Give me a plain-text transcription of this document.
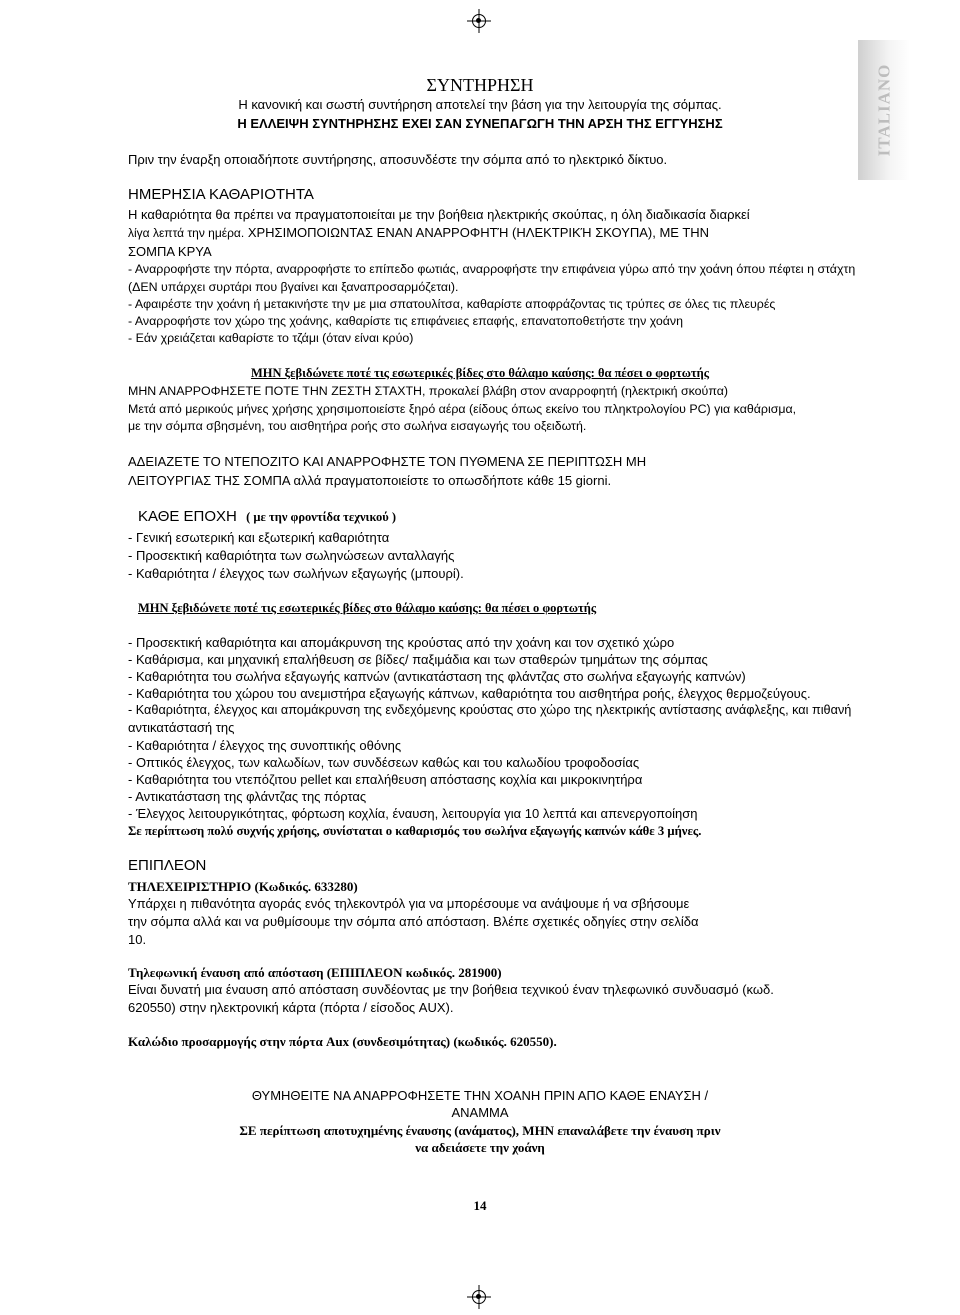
ITALIANO
ΣΥΝΤΗΡΗΣΗ
Η κανονική και σωστή συντήρηση αποτελεί την βάση για την λειτουργία της σόμπας.
Η ΕΛΛΕΙΨΗ ΣΥΝΤΗΡΗΣΗΣ ΕΧΕΙ ΣΑΝ ΣΥΝΕΠΑΓΩΓΗ ΤΗΝ ΑΡΣΗ ΤΗΣ ΕΓΓΥΗΣΗΣ
Πριν την έναρξη οποιαδήποτε συντήρησης, αποσυνδέστε την σόμπα από το ηλεκτρικό δίκτυο.
ΗΜΕΡΗΣΙΑ ΚΑΘΑΡΙΟΤΗΤΑ
Η καθαριότητα θα πρέπει να πραγματοποιείται με την βοήθεια ηλεκτρικής σκούπας, η όλη διαδικασία διαρκεί
λίγα λεπτά την ημέρα. ΧΡΗΣΙΜΟΠΟΙΩΝΤΑΣ ΕΝΑΝ ΑΝΑΡΡΟΦΗΤΉ (ΗΛΕΚΤΡΙΚΉ ΣΚΟΥΠΑ), ΜΕ ΤΗΝ
ΣΟΜΠΑ ΚΡΥΑ
- Αναρροφήστε την πόρτα, αναρροφήστε το επίπεδο φωτιάς, αναρροφήστε την επιφάνεια γύρω από την χοάνη όπου πέφτει η στάχτη
(ΔΕΝ υπάρχει συρτάρι που βγαίνει και ξαναπροσαρμόζεται).
- Αφαιρέστε την χοάνη ή μετακινήστε την με μια σπατουλίτσα, καθαρίστε αποφράζοντας τις τρύπες σε όλες τις πλευρές
- Αναρροφήστε τον χώρο της χοάνης, καθαρίστε τις επιφάνειες επαφής, επανατοποθετήστε την χοάνη
- Εάν χρειάζεται καθαρίστε το τζάμι (όταν είναι κρύο)
ΜΗΝ ξεβιδώνετε ποτέ τις εσωτερικές βίδες στο θάλαμο καύσης: θα πέσει ο φορτωτής
ΜΗΝ ΑΝΑΡΡΟΦΗΣΕΤΕ ΠΟΤΕ ΤΗΝ ΖΕΣΤΗ ΣΤΑΧΤΗ, προκαλεί βλάβη στον αναρροφητή (ηλεκτρική σκούπα)
Μετά από μερικούς μήνες χρήσης χρησιμοποιείστε ξηρό αέρα (είδους όπως εκείνο του πληκτρολογίου PC) για καθάρισμα,
με την σόμπα σβησμένη, του αισθητήρα ροής στο σωλήνα εισαγωγής του οξειδωτή.
ΑΔΕΙΑΖΕΤΕ ΤΟ ΝΤΕΠΟΖΙΤΟ ΚΑΙ ΑΝΑΡΡΟΦΗΣΤΕ ΤΟΝ ΠΥΘΜΕΝΑ ΣΕ ΠΕΡΙΠΤΩΣΗ ΜΗ
ΛΕΙΤΟΥΡΓΙΑΣ ΤΗΣ ΣΟΜΠΑ αλλά πραγματοποιείστε το οπωσδήποτε κάθε 15 giorni.
ΚΑΘΕ ΕΠΟΧΗ ( με την φροντίδα τεχνικού )
- Γενική εσωτερική και εξωτερική καθαριότητα
- Προσεκτική καθαριότητα των σωληνώσεων ανταλλαγής
- Καθαριότητα / έλεγχος των σωλήνων εξαγωγής (μπουρί).
ΜΗΝ ξεβιδώνετε ποτέ τις εσωτερικές βίδες στο θάλαμο καύσης: θα πέσει ο φορτωτής
- Προσεκτική καθαριότητα και απομάκρυνση της κρούστας από την χοάνη και τον σχετικό χώρο
- Καθάρισμα, και μηχανική επαλήθευση σε βίδες/ παξιμάδια και των σταθερών τμημάτων της σόμπας
- Καθαριότητα του σωλήνα εξαγωγής καπνών (αντικατάσταση της φλάντζας στο σωλήνα εξαγωγής καπνών)
- Καθαριότητα του χώρου του ανεμιστήρα εξαγωγής κάπνων, καθαριότητα του αισθητήρα ροής, έλεγχος θερμοζεύγους.
- Καθαριότητα, έλεγχος και απομάκρυνση της ενδεχόμενης κρούστας στο χώρο της ηλεκτρικής αντίστασης ανάφλεξης, και πιθανή
αντικατάστασή της
- Καθαριότητα / έλεγχος της συνοπτικής οθόνης
- Οπτικός έλεγχος, των καλωδίων, των συνδέσεων καθώς και του καλωδίου τροφοδοσίας
- Καθαριότητα του ντεπόζιτου pellet και επαλήθευση απόστασης κοχλία και μικροκινητήρα
- Αντικατάσταση της φλάντζας της πόρτας
- Έλεγχος λειτουργικότητας, φόρτωση κοχλία, έναυση, λειτουργία για 10 λεπτά και απενεργοποίηση
Σε περίπτωση πολύ συχνής χρήσης, συνίσταται ο καθαρισμός του σωλήνα εξαγωγής καπνών κάθε 3 μήνες.
ΕΠΙΠΛΕΟΝ
ΤΗΛΕΧΕΙΡΙΣΤΗΡΙΟ (Κωδικός. 633280)
Υπάρχει η πιθανότητα αγοράς ενός τηλεκοντρόλ για να μπορέσουμε να ανάψουμε ή να σβήσουμε
την σόμπα αλλά και να ρυθμίσουμε την σόμπα από απόσταση. Βλέπε σχετικές οδηγίες στην σελίδα
10.
Τηλεφωνική έναυση από απόσταση (ΕΠΙΠΛΕΟΝ κωδικός. 281900)
Είναι δυνατή μια έναυση από απόσταση συνδέοντας με την βοήθεια τεχνικού έναν τηλεφωνικό συνδυασμό (κωδ.
620550) στην ηλεκτρονική κάρτα (πόρτα / είσοδος AUX).
Καλώδιο προσαρμογής στην πόρτα Aux (συνδεσιμότητας) (κωδικός. 620550).
ΘΥΜΗΘΕΙΤΕ ΝΑ ΑΝΑΡΡΟΦΗΣΕΤΕ ΤΗΝ ΧΟΑΝΗ ΠΡΙΝ ΑΠΟ ΚΑΘΕ ΕΝΑΥΣΗ /
ΑΝΑΜΜΑ
ΣΕ περίπτωση αποτυχημένης έναυσης (ανάματος), ΜΗΝ επαναλάβετε την έναυση πριν
να αδειάσετε την χοάνη
14
